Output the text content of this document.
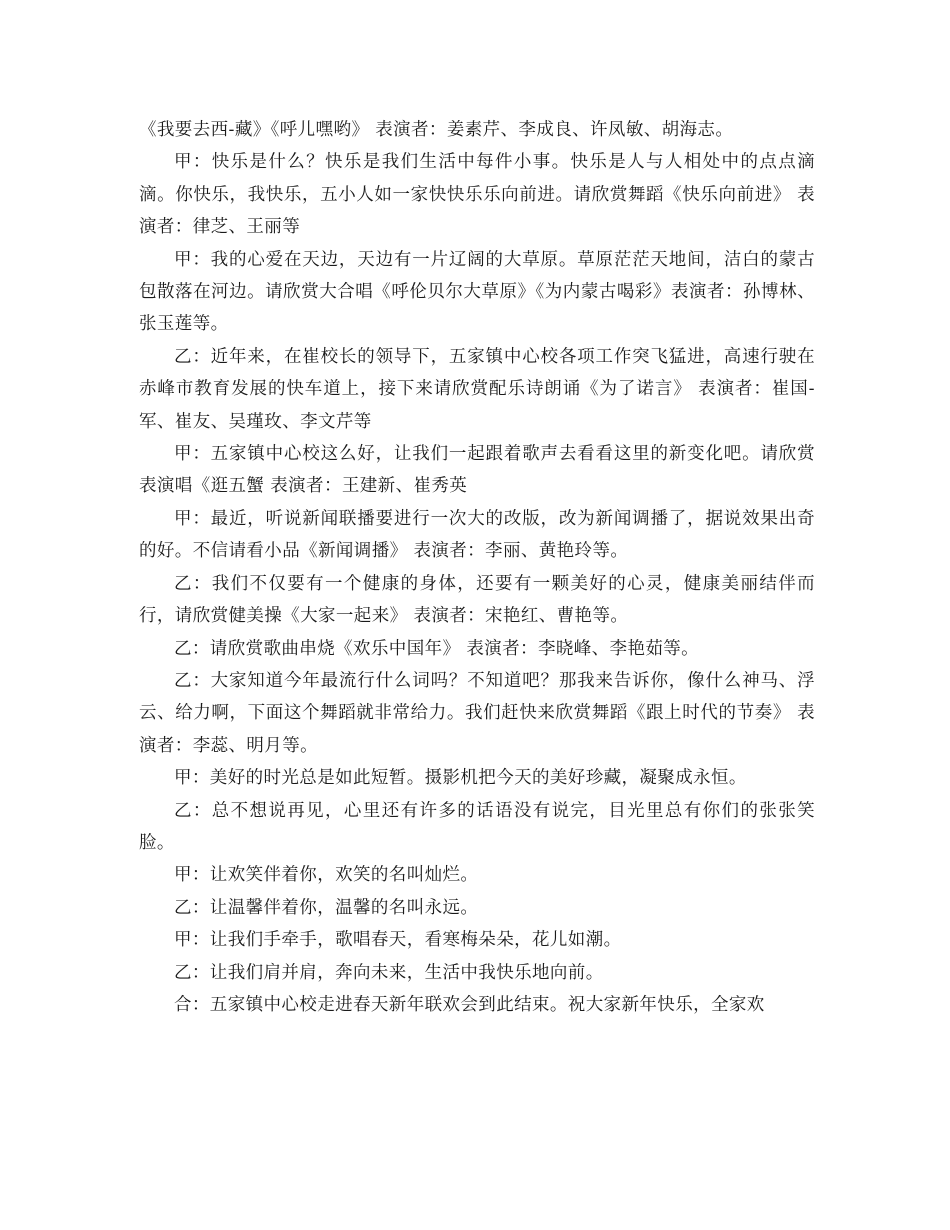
《我要去西-藏》《呼儿嘿哟》 表演者：姜素芹、李成良、许凤敏、胡海志。

甲：快乐是什么？快乐是我们生活中每件小事。快乐是人与人相处中的点点滴滴。你快乐，我快乐，五小人如一家快快乐乐向前进。请欣赏舞蹈《快乐向前进》 表演者：律芝、王丽等

甲：我的心爱在天边，天边有一片辽阔的大草原。草原茫茫天地间，洁白的蒙古包散落在河边。请欣赏大合唱《呼伦贝尔大草原》《为内蒙古喝彩》表演者：孙博林、张玉莲等。

乙：近年来，在崔校长的领导下，五家镇中心校各项工作突飞猛进，高速行驶在赤峰市教育发展的快车道上，接下来请欣赏配乐诗朗诵《为了诺言》 表演者：崔国-军、崔友、吴瑾玫、李文芹等

甲：五家镇中心校这么好，让我们一起跟着歌声去看看这里的新变化吧。请欣赏表演唱《逛五蟹 表演者：王建新、崔秀英

甲：最近，听说新闻联播要进行一次大的改版，改为新闻调播了，据说效果出奇的好。不信请看小品《新闻调播》 表演者：李丽、黄艳玲等。

乙：我们不仅要有一个健康的身体，还要有一颗美好的心灵，健康美丽结伴而行，请欣赏健美操《大家一起来》 表演者：宋艳红、曹艳等。

乙：请欣赏歌曲串烧《欢乐中国年》 表演者：李晓峰、李艳茹等。

乙：大家知道今年最流行什么词吗？不知道吧？那我来告诉你，像什么神马、浮云、给力啊，下面这个舞蹈就非常给力。我们赶快来欣赏舞蹈《跟上时代的节奏》 表演者：李蕊、明月等。

甲：美好的时光总是如此短暂。摄影机把今天的美好珍藏，凝聚成永恒。

乙：总不想说再见，心里还有许多的话语没有说完，目光里总有你们的张张笑脸。

甲：让欢笑伴着你，欢笑的名叫灿烂。

乙：让温馨伴着你，温馨的名叫永远。

甲：让我们手牵手，歌唱春天，看寒梅朵朵，花儿如潮。

乙：让我们肩并肩，奔向未来，生活中我快乐地向前。

合：五家镇中心校走进春天新年联欢会到此结束。祝大家新年快乐，全家欢
